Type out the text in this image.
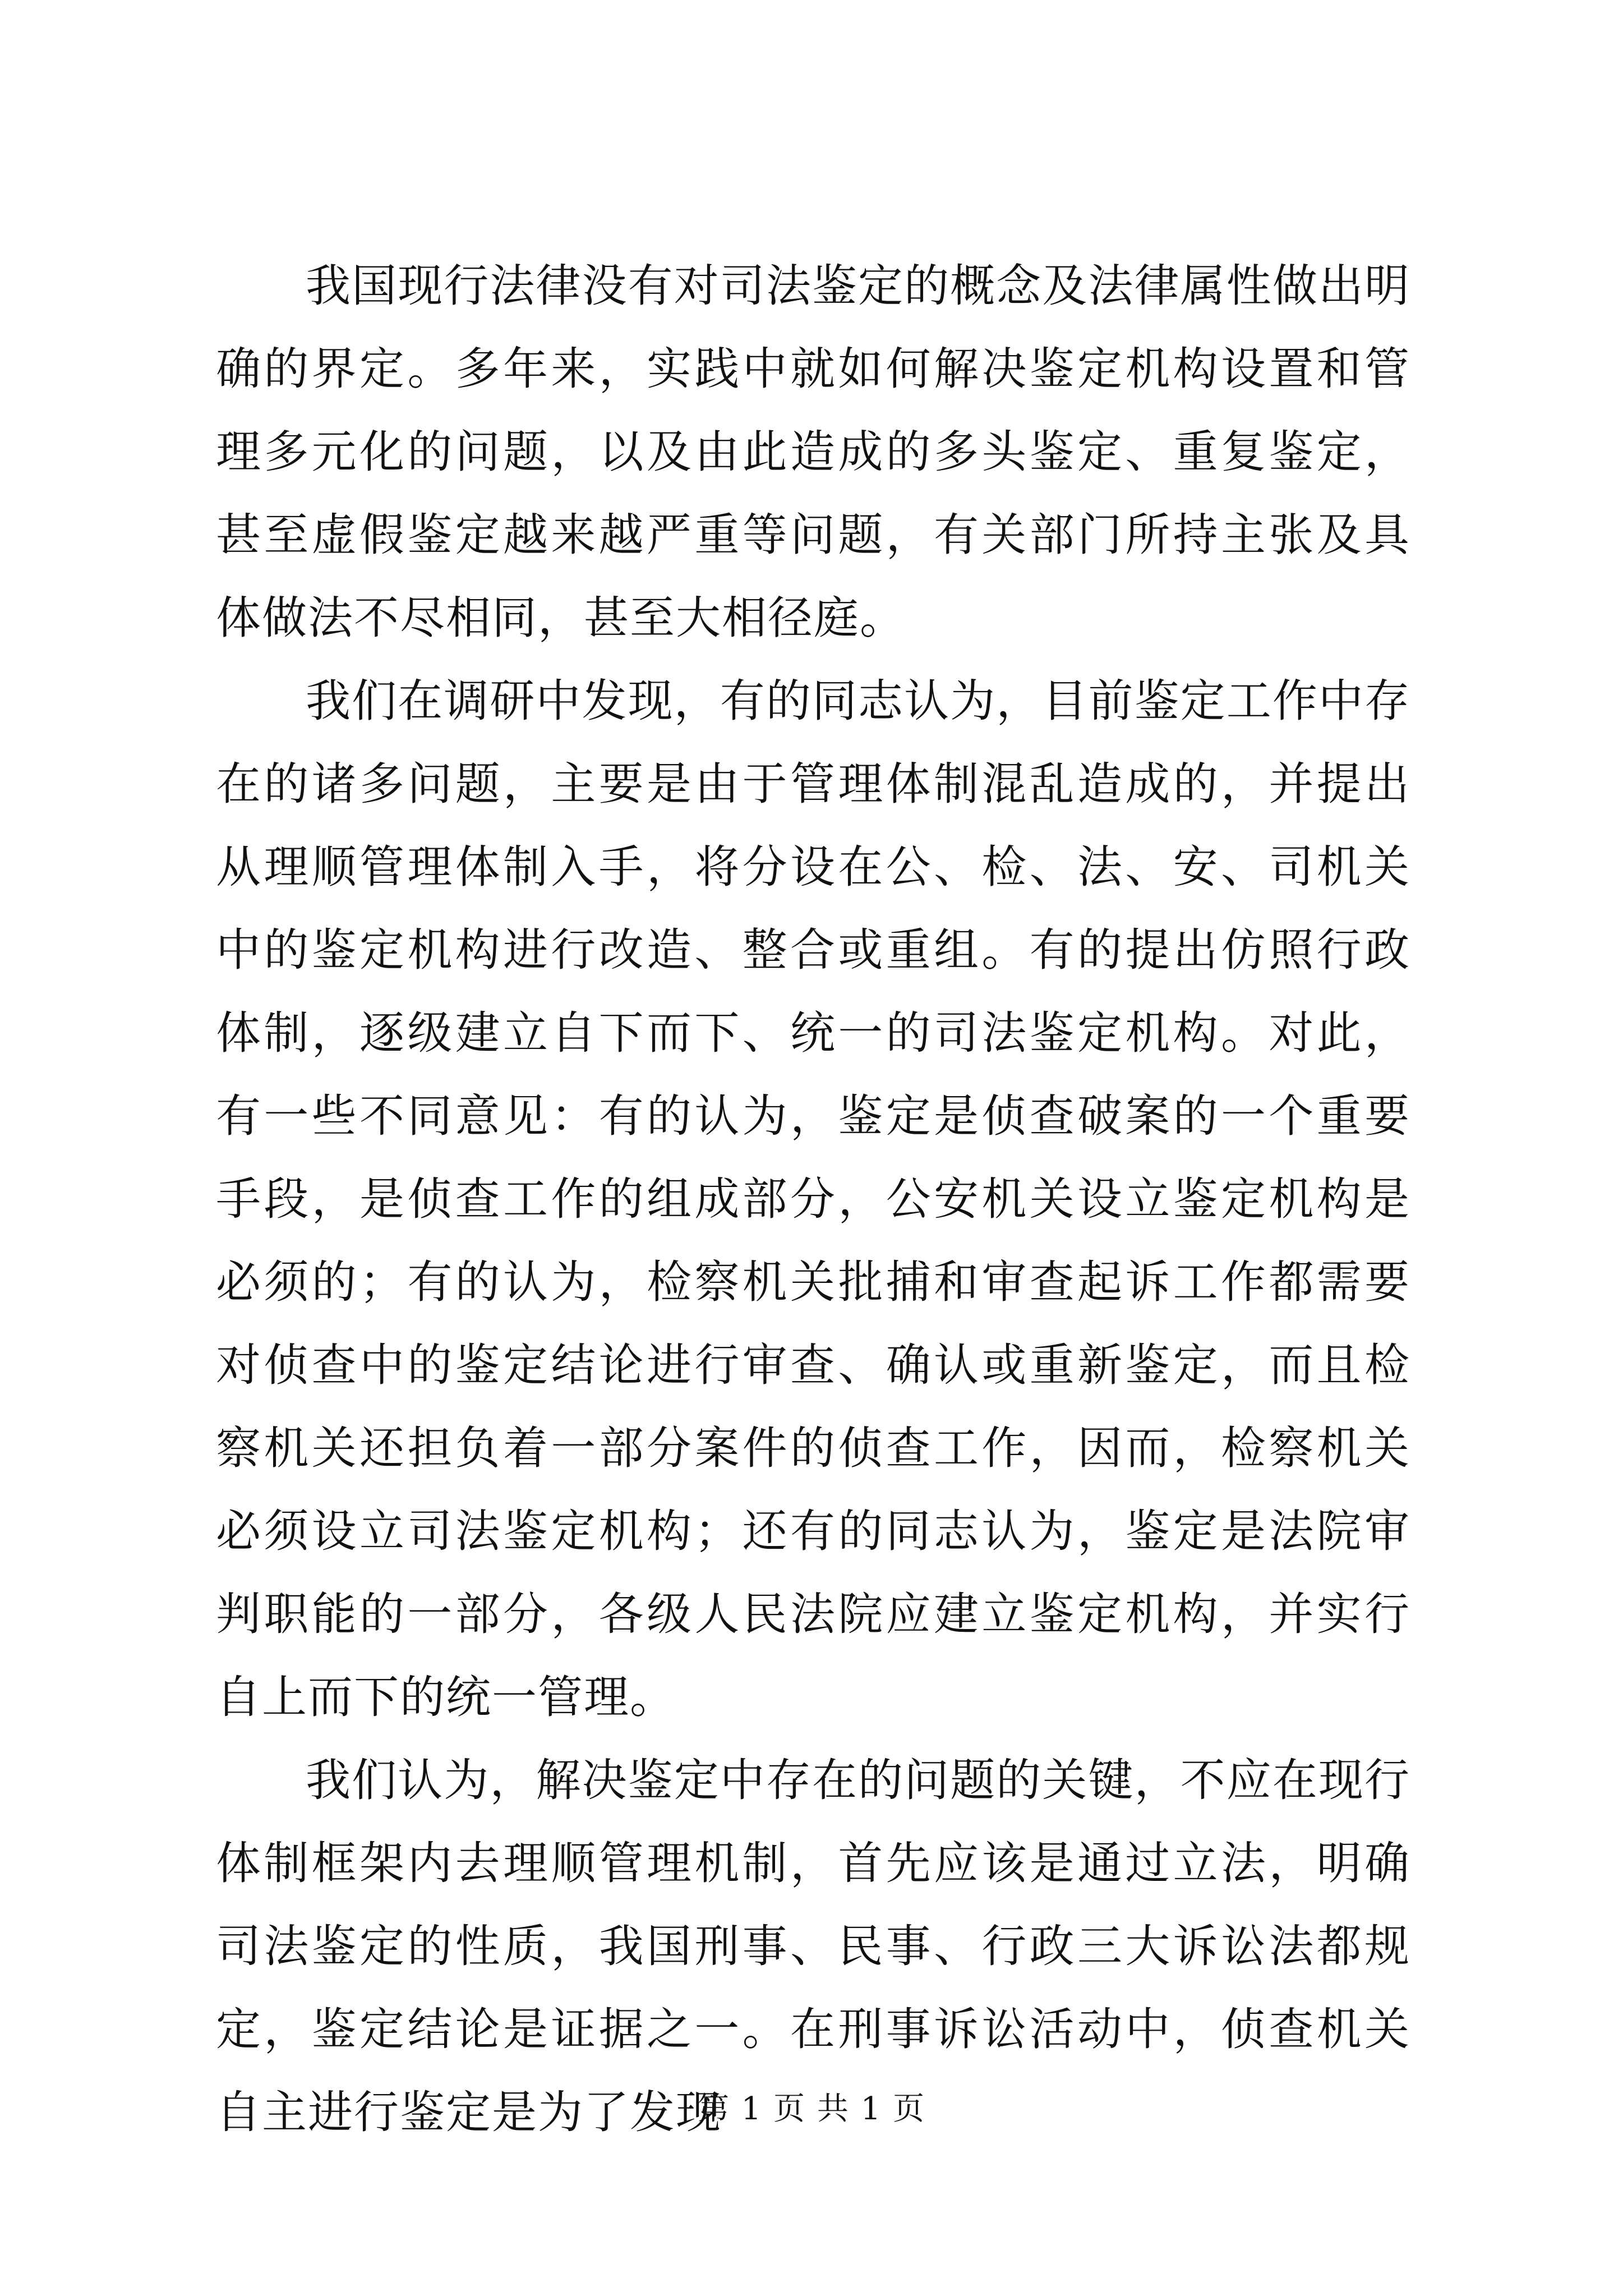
我国现行法律没有对司法鉴定的概念及法律属性做出明确的界定。多年来，实践中就如何解决鉴定机构设置和管理多元化的问题，以及由此造成的多头鉴定、重复鉴定，甚至虚假鉴定越来越严重等问题，有关部门所持主张及具体做法不尽相同，甚至大相径庭。

我们在调研中发现，有的同志认为，目前鉴定工作中存在的诸多问题，主要是由于管理体制混乱造成的，并提出从理顺管理体制入手，将分设在公、检、法、安、司机关中的鉴定机构进行改造、整合或重组。有的提出仿照行政体制，逐级建立自下而下、统一的司法鉴定机构。对此，有一些不同意见：有的认为，鉴定是侦查破案的一个重要手段，是侦查工作的组成部分，公安机关设立鉴定机构是必须的；有的认为，检察机关批捕和审查起诉工作都需要对侦查中的鉴定结论进行审查、确认或重新鉴定，而且检察机关还担负着一部分案件的侦查工作，因而，检察机关必须设立司法鉴定机构；还有的同志认为，鉴定是法院审判职能的一部分，各级人民法院应建立鉴定机构，并实行自上而下的统一管理。

我们认为，解决鉴定中存在的问题的关键，不应在现行体制框架内去理顺管理机制，首先应该是通过立法，明确司法鉴定的性质，我国刑事、民事、行政三大诉讼法都规定，鉴定结论是证据之一。在刑事诉讼活动中，侦查机关自主进行鉴定是为了发现

第 1 页 共 1 页
